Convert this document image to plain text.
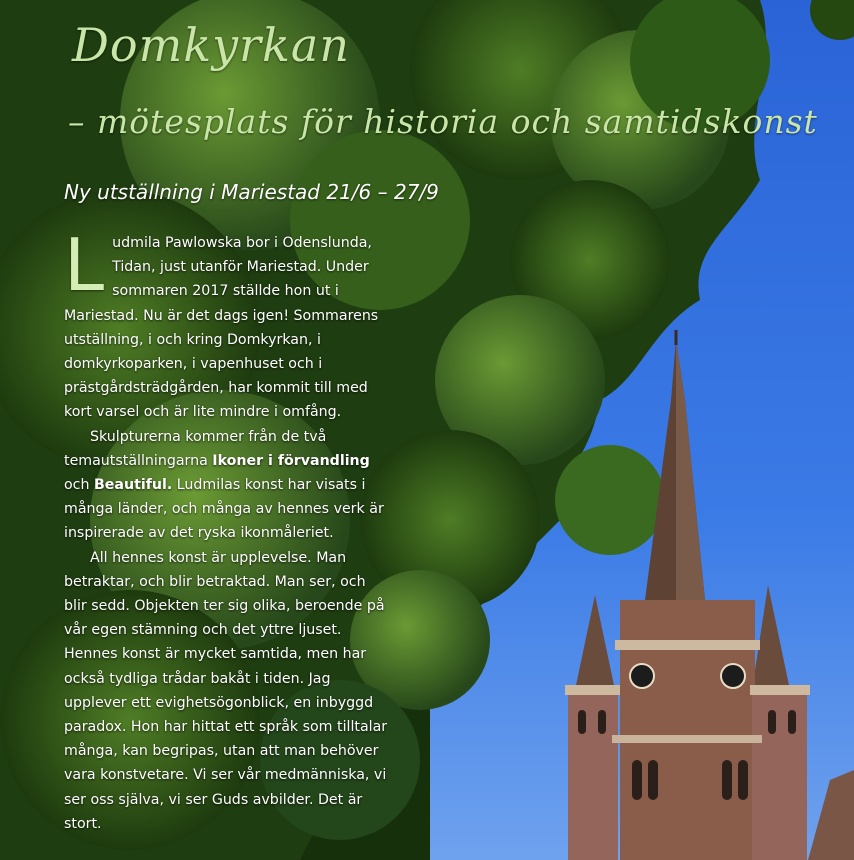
Domkyrkan
– mötesplats för historia och samtidskonst
Ny utställning i Mariestad 21/6 – 27/9

Ludmila Pawlowska bor i Odenslunda, Tidan, just utanför Mariestad. Under sommaren 2017 ställde hon ut i Mariestad. Nu är det dags igen! Sommarens utställning, i och kring Domkyrkan, i domkyrkoparken, i vapenhuset och i prästgårdsträdgården, har kommit till med kort varsel och är lite mindre i omfång.

Skulpturerna kommer från de två temautställningarna Ikoner i förvandling och Beautiful. Ludmilas konst har visats i många länder, och många av hennes verk är inspirerade av det ryska ikonmåleriet.

All hennes konst är upplevelse. Man betraktar, och blir betraktad. Man ser, och blir sedd. Objekten ter sig olika, beroende på vår egen stämning och det yttre ljuset. Hennes konst är mycket samtida, men har också tydliga trådar bakåt i tiden. Jag upplever ett evighetsögonblick, en inbyggd paradox. Hon har hittat ett språk som tilltalar många, kan begripas, utan att man behöver vara konstvetare. Vi ser vår medmänniska, vi ser oss själva, vi ser Guds avbilder. Det är stort.
